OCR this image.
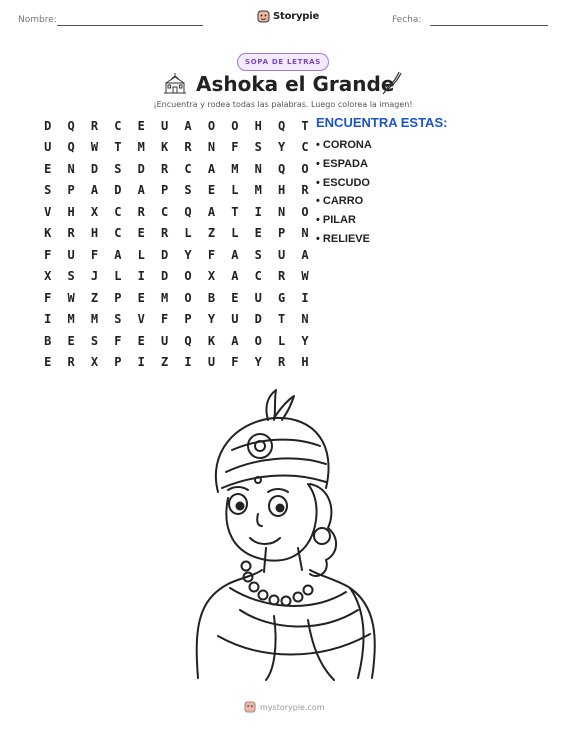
Nombre:	Storypie	Fecha:
SOPA DE LETRAS
Ashoka el Grande
¡Encuentra y rodea todas las palabras. Luego colorea la imagen!
D	Q	R	C	E	U	A	O	O	H	Q	T
U	Q	W	T	M	K	R	N	F	S	Y	C
E	N	D	S	D	R	C	A	M	N	Q	O
S	P	A	D	A	P	S	E	L	M	H	R
V	H	X	C	R	C	Q	A	T	I	N	O
K	R	H	C	E	R	L	Z	L	E	P	N
F	U	F	A	L	D	Y	F	A	S	U	A
X	S	J	L	I	D	O	X	A	C	R	W
F	W	Z	P	E	M	O	B	E	U	G	I
I	M	M	S	V	F	P	Y	U	D	T	N
B	E	S	F	E	U	Q	K	A	O	L	Y
E	R	X	P	I	Z	I	U	F	Y	R	H
ENCUENTRA ESTAS:
• CORONA
• ESPADA
• ESCUDO
• CARRO
• PILAR
• RELIEVE
mystorypie.com
